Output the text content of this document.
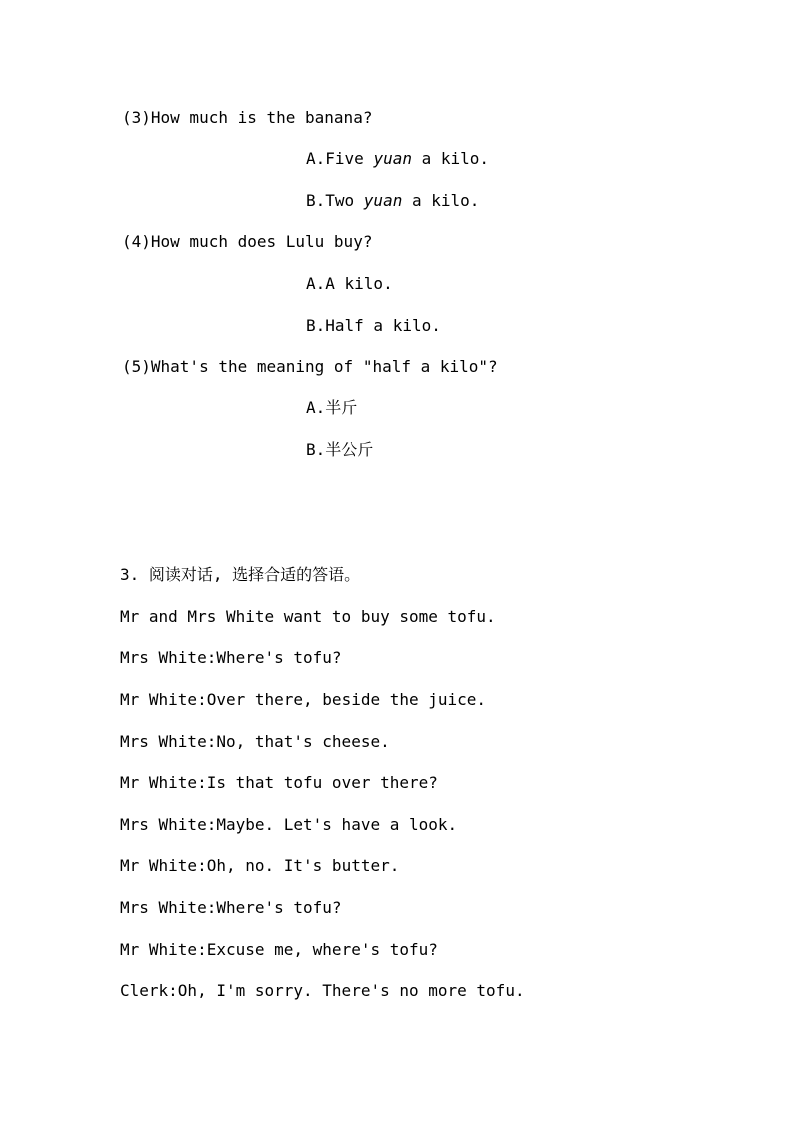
(3)How much is the banana?
A.Five yuan a kilo.
B.Two yuan a kilo.
(4)How much does Lulu buy?
A.A kilo.
B.Half a kilo.
(5)What's the meaning of "half a kilo"?
A.半斤
B.半公斤
3. 阅读对话, 选择合适的答语。
Mr and Mrs White want to buy some tofu.
Mrs White:Where's tofu?
Mr White:Over there, beside the juice.
Mrs White:No, that's cheese.
Mr White:Is that tofu over there?
Mrs White:Maybe. Let's have a look.
Mr White:Oh, no. It's butter.
Mrs White:Where's tofu?
Mr White:Excuse me, where's tofu?
Clerk:Oh, I'm sorry. There's no more tofu.
